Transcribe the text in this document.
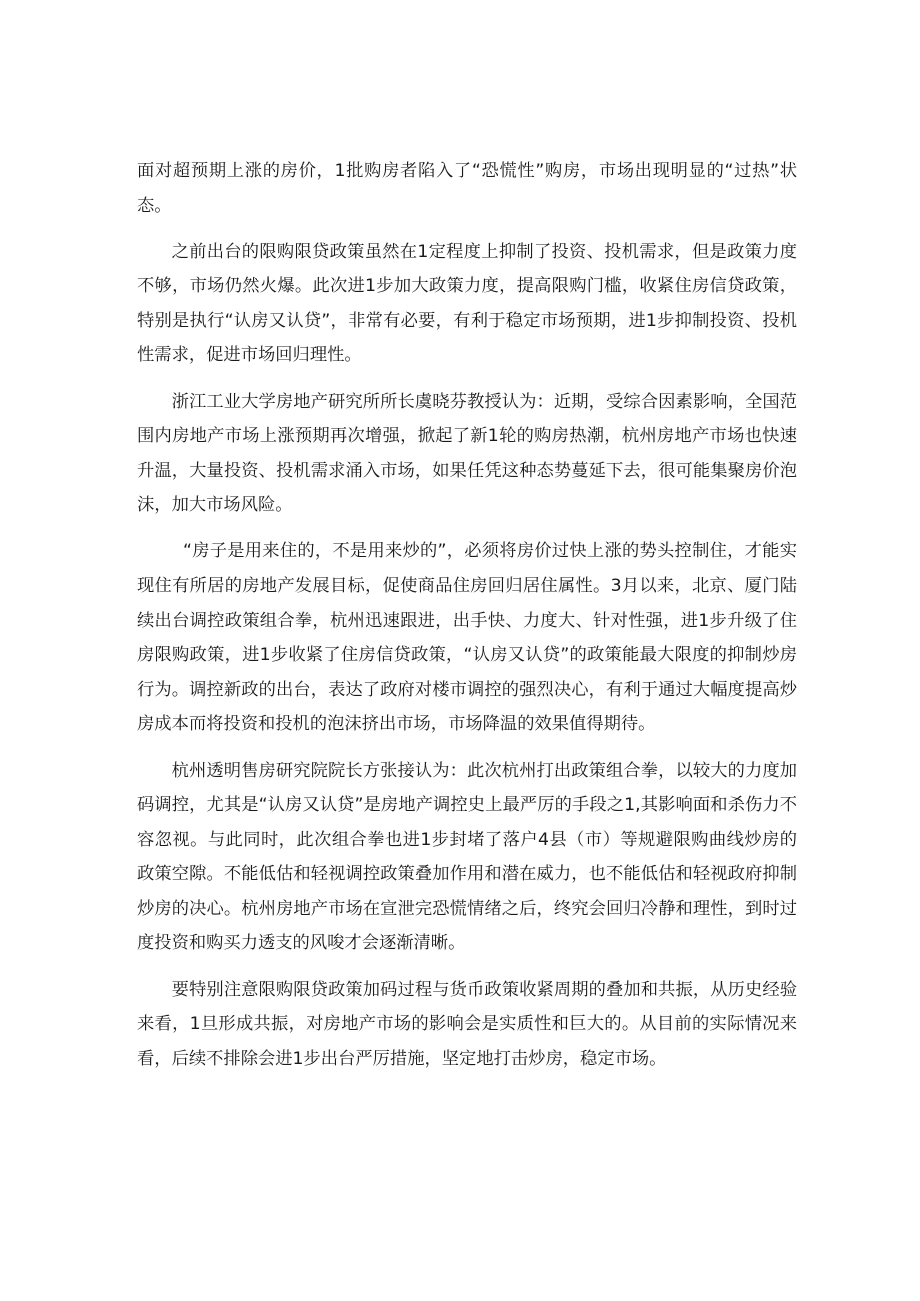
面对超预期上涨的房价，1批购房者陷入了“恐慌性”购房，市场出现明显的“过热”状态。

之前出台的限购限贷政策虽然在1定程度上抑制了投资、投机需求，但是政策力度不够，市场仍然火爆。此次进1步加大政策力度，提高限购门槛，收紧住房信贷政策，特别是执行“认房又认贷”，非常有必要，有利于稳定市场预期，进1步抑制投资、投机性需求，促进市场回归理性。

浙江工业大学房地产研究所所长虞晓芬教授认为：近期，受综合因素影响，全国范围内房地产市场上涨预期再次增强，掀起了新1轮的购房热潮，杭州房地产市场也快速升温，大量投资、投机需求涌入市场，如果任凭这种态势蔓延下去，很可能集聚房价泡沫，加大市场风险。

“房子是用来住的，不是用来炒的”，必须将房价过快上涨的势头控制住，才能实现住有所居的房地产发展目标，促使商品住房回归居住属性。3月以来，北京、厦门陆续出台调控政策组合拳，杭州迅速跟进，出手快、力度大、针对性强，进1步升级了住房限购政策，进1步收紧了住房信贷政策，“认房又认贷”的政策能最大限度的抑制炒房行为。调控新政的出台，表达了政府对楼市调控的强烈决心，有利于通过大幅度提高炒房成本而将投资和投机的泡沫挤出市场，市场降温的效果值得期待。

杭州透明售房研究院院长方张接认为：此次杭州打出政策组合拳，以较大的力度加码调控，尤其是“认房又认贷”是房地产调控史上最严厉的手段之1,其影响面和杀伤力不容忽视。与此同时，此次组合拳也进1步封堵了落户4县（市）等规避限购曲线炒房的政策空隙。不能低估和轻视调控政策叠加作用和潜在威力，也不能低估和轻视政府抑制炒房的决心。杭州房地产市场在宣泄完恐慌情绪之后，终究会回归冷静和理性，到时过度投资和购买力透支的风唆才会逐渐清晰。

要特别注意限购限贷政策加码过程与货币政策收紧周期的叠加和共振，从历史经验来看，1旦形成共振，对房地产市场的影响会是实质性和巨大的。从目前的实际情况来看，后续不排除会进1步出台严厉措施，坚定地打击炒房，稳定市场。
